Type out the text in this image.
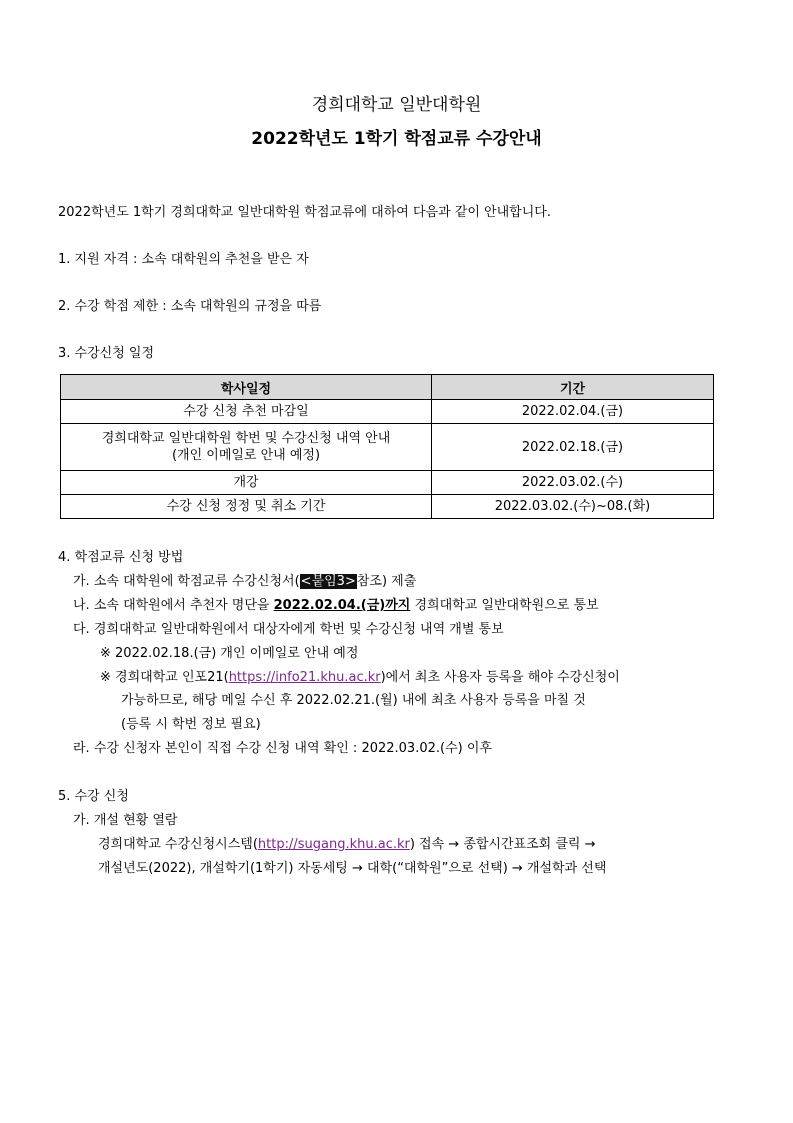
경희대학교 일반대학원
2022학년도 1학기 학점교류 수강안내
2022학년도 1학기 경희대학교 일반대학원 학점교류에 대하여 다음과 같이 안내합니다.
1. 지원 자격 : 소속 대학원의 추천을 받은 자
2. 수강 학점 제한 : 소속 대학원의 규정을 따름
3. 수강신청 일정
학사일정	기간
수강 신청 추천 마감일	2022.02.04.(금)

경희대학교 일반대학원 학번 및 수강신청 내역 안내
(개인 이메일로 안내 예정)	2022.02.18.(금)
개강	2022.03.02.(수)
수강 신청 정정 및 취소 기간	2022.03.02.(수)~08.(화)
4. 학점교류 신청 방법
가. 소속 대학원에 학점교류 수강신청서(<붙임3>참조) 제출
나. 소속 대학원에서 추천자 명단을 2022.02.04.(금)까지 경희대학교 일반대학원으로 통보
다. 경희대학교 일반대학원에서 대상자에게 학번 및 수강신청 내역 개별 통보
※ 2022.02.18.(금) 개인 이메일로 안내 예정
※ 경희대학교 인포21(https://info21.khu.ac.kr)에서 최초 사용자 등록을 해야 수강신청이
가능하므로, 해당 메일 수신 후 2022.02.21.(월) 내에 최초 사용자 등록을 마칠 것
(등록 시 학번 정보 필요)
라. 수강 신청자 본인이 직접 수강 신청 내역 확인 : 2022.03.02.(수) 이후
5. 수강 신청
가. 개설 현황 열람
경희대학교 수강신청시스템(http://sugang.khu.ac.kr) 접속 → 종합시간표조회 클릭 →
개설년도(2022), 개설학기(1학기) 자동세팅 → 대학(“대학원”으로 선택) → 개설학과 선택
